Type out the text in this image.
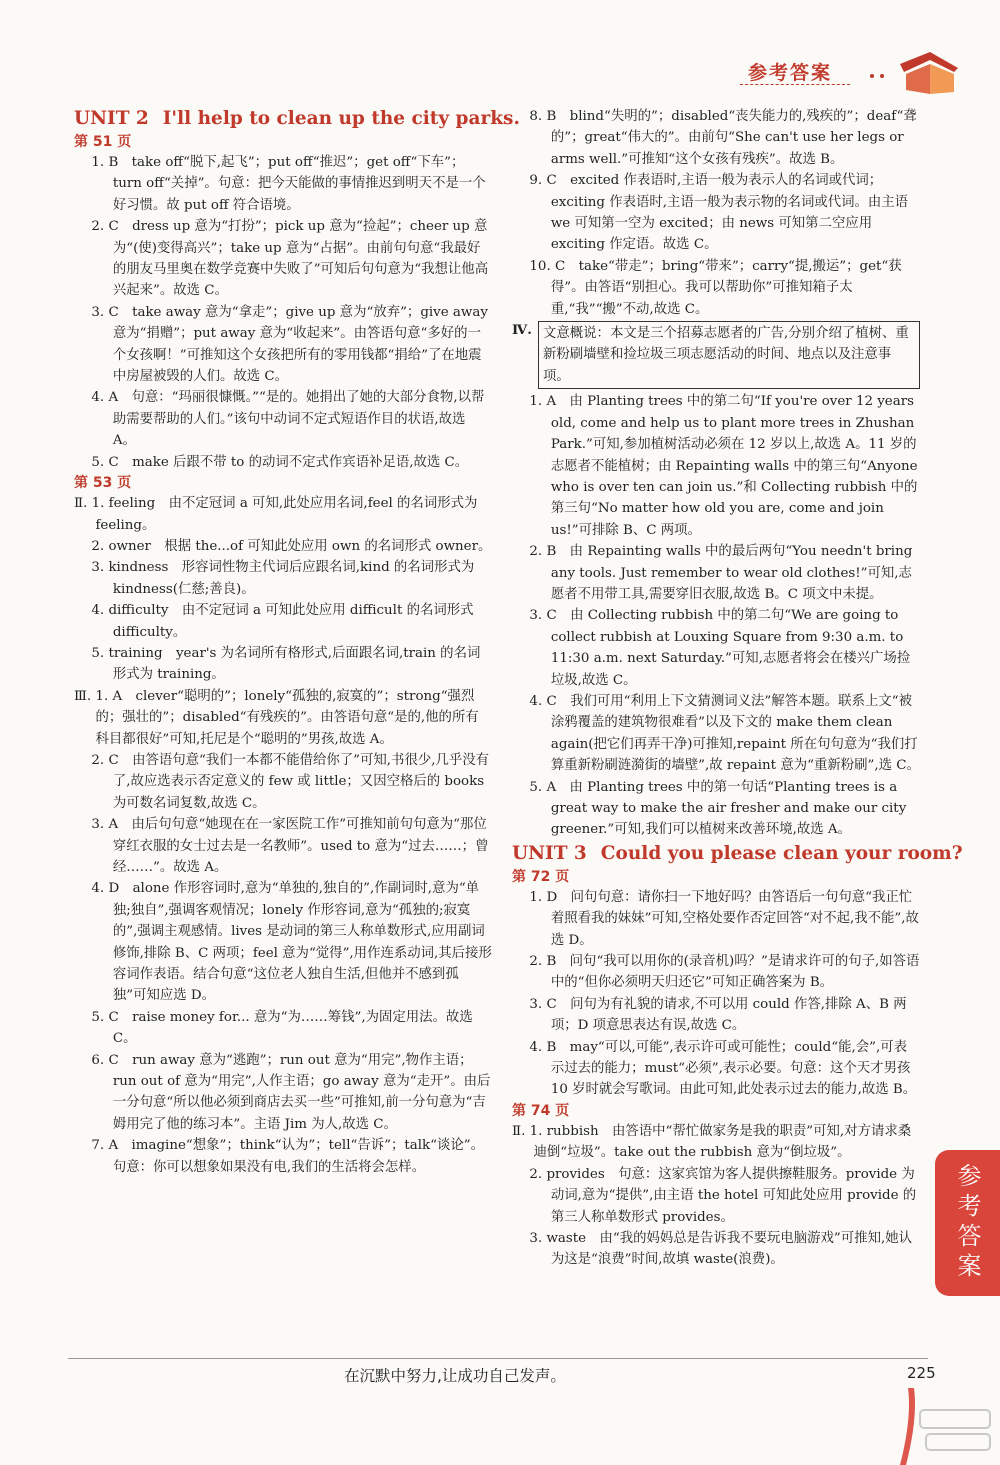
参考答案
UNIT 2 I'll help to clean up the city parks.
第 51 页
1. B　take off“脱下,起飞”；put off“推迟”；get off“下车”；turn off“关掉”。句意：把今天能做的事情推迟到明天不是一个好习惯。故 put off 符合语境。
2. C　dress up 意为“打扮”；pick up 意为“捡起”；cheer up 意为“(使)变得高兴”；take up 意为“占据”。由前句句意“我最好的朋友马里奥在数学竞赛中失败了”可知后句句意为“我想让他高兴起来”。故选 C。
3. C　take away 意为“拿走”；give up 意为“放弃”；give away 意为“捐赠”；put away 意为“收起来”。由答语句意“多好的一个女孩啊！”可推知这个女孩把所有的零用钱都“捐给”了在地震中房屋被毁的人们。故选 C。
4. A　句意：“玛丽很慷慨。”“是的。她捐出了她的大部分食物,以帮助需要帮助的人们。”该句中动词不定式短语作目的状语,故选 A。
5. C　make 后跟不带 to 的动词不定式作宾语补足语,故选 C。
第 53 页
Ⅱ. 1. feeling　由不定冠词 a 可知,此处应用名词,feel 的名词形式为 feeling。
2. owner　根据 the...of 可知此处应用 own 的名词形式 owner。
3. kindness　形容词性物主代词后应跟名词,kind 的名词形式为 kindness(仁慈;善良)。
4. difficulty　由不定冠词 a 可知此处应用 difficult 的名词形式 difficulty。
5. training　year's 为名词所有格形式,后面跟名词,train 的名词形式为 training。
Ⅲ. 1. A　clever“聪明的”；lonely“孤独的,寂寞的”；strong“强烈的；强壮的”；disabled“有残疾的”。由答语句意“是的,他的所有科目都很好”可知,托尼是个“聪明的”男孩,故选 A。
2. C　由答语句意“我们一本都不能借给你了”可知,书很少,几乎没有了,故应选表示否定意义的 few 或 little；又因空格后的 books 为可数名词复数,故选 C。
3. A　由后句句意“她现在在一家医院工作”可推知前句句意为“那位穿红衣服的女士过去是一名教师”。used to 意为“过去……；曾经……”。故选 A。
4. D　alone 作形容词时,意为“单独的,独自的”,作副词时,意为“单独;独自”,强调客观情况；lonely 作形容词,意为“孤独的;寂寞的”,强调主观感情。lives 是动词的第三人称单数形式,应用副词修饰,排除 B、C 两项；feel 意为“觉得”,用作连系动词,其后接形容词作表语。结合句意“这位老人独自生活,但他并不感到孤独”可知应选 D。
5. C　raise money for... 意为“为……筹钱”,为固定用法。故选 C。
6. C　run away 意为“逃跑”；run out 意为“用完”,物作主语；run out of 意为“用完”,人作主语；go away 意为“走开”。由后一分句意“所以他必须到商店去买一些”可推知,前一分句意为“吉姆用完了他的练习本”。主语 Jim 为人,故选 C。
7. A　imagine“想象”；think“认为”；tell“告诉”；talk“谈论”。句意：你可以想象如果没有电,我们的生活将会怎样。
8. B　blind“失明的”；disabled“丧失能力的,残疾的”；deaf“聋的”；great“伟大的”。由前句“She can't use her legs or arms well.”可推知“这个女孩有残疾”。故选 B。
9. C　excited 作表语时,主语一般为表示人的名词或代词；exciting 作表语时,主语一般为表示物的名词或代词。由主语 we 可知第一空为 excited；由 news 可知第二空应用 exciting 作定语。故选 C。
10. C　take“带走”；bring“带来”；carry“提,搬运”；get“获得”。由答语“别担心。我可以帮助你”可推知箱子太重,“我”“搬”不动,故选 C。
Ⅳ. 文意概说：本文是三个招募志愿者的广告,分别介绍了植树、重新粉刷墙壁和捡垃圾三项志愿活动的时间、地点以及注意事项。
1. A　由 Planting trees 中的第二句“If you're over 12 years old, come and help us to plant more trees in Zhushan Park.”可知,参加植树活动必须在 12 岁以上,故选 A。11 岁的志愿者不能植树；由 Repainting walls 中的第三句“Anyone who is over ten can join us.”和 Collecting rubbish 中的第三句“No matter how old you are, come and join us!”可排除 B、C 两项。
2. B　由 Repainting walls 中的最后两句“You needn't bring any tools. Just remember to wear old clothes!”可知,志愿者不用带工具,需要穿旧衣服,故选 B。C 项文中未提。
3. C　由 Collecting rubbish 中的第二句“We are going to collect rubbish at Louxing Square from 9:30 a.m. to 11:30 a.m. next Saturday.”可知,志愿者将会在楼兴广场捡垃圾,故选 C。
4. C　我们可用“利用上下文猜测词义法”解答本题。联系上文“被涂鸦覆盖的建筑物很难看”以及下文的 make them clean again(把它们再弄干净)可推知,repaint 所在句句意为“我们打算重新粉刷涟漪街的墙壁”,故 repaint 意为“重新粉刷”,选 C。
5. A　由 Planting trees 中的第一句话“Planting trees is a great way to make the air fresher and make our city greener.”可知,我们可以植树来改善环境,故选 A。
UNIT 3 Could you please clean your room?
第 72 页
1. D　问句句意：请你扫一下地好吗？由答语后一句句意“我正忙着照看我的妹妹”可知,空格处要作否定回答“对不起,我不能”,故选 D。
2. B　问句“我可以用你的(录音机)吗？”是请求许可的句子,如答语中的“但你必须明天归还它”可知正确答案为 B。
3. C　问句为有礼貌的请求,不可以用 could 作答,排除 A、B 两项；D 项意思表达有误,故选 C。
4. B　may“可以,可能”,表示许可或可能性；could“能,会”,可表示过去的能力；must“必须”,表示必要。句意：这个天才男孩 10 岁时就会写歌词。由此可知,此处表示过去的能力,故选 B。
第 74 页
Ⅱ. 1. rubbish　由答语中“帮忙做家务是我的职责”可知,对方请求桑迪倒“垃圾”。take out the rubbish 意为“倒垃圾”。
2. provides　句意：这家宾馆为客人提供擦鞋服务。provide 为动词,意为“提供”,由主语 the hotel 可知此处应用 provide 的第三人称单数形式 provides。
3. waste　由“我的妈妈总是告诉我不要玩电脑游戏”可推知,她认为这是“浪费”时间,故填 waste(浪费)。	参考答案
在沉默中努力,让成功自己发声。	225
